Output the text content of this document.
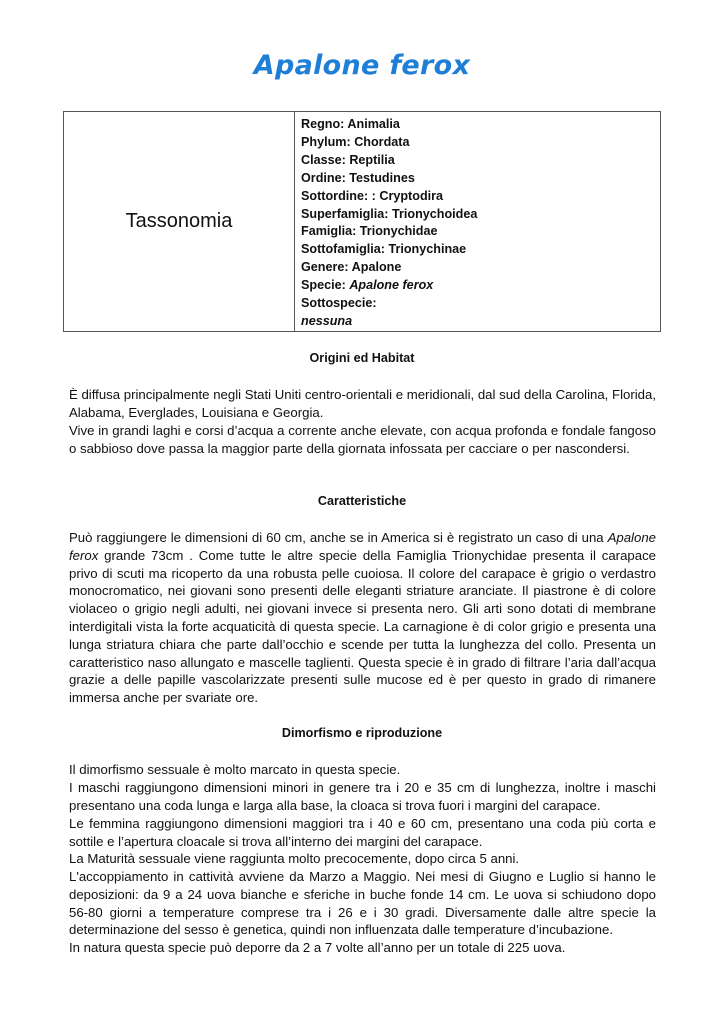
Apalone ferox
Tassonomia
Regno: Animalia
Phylum: Chordata
Classe: Reptilia
Ordine: Testudines
Sottordine: : Cryptodira
Superfamiglia: Trionychoidea
Famiglia: Trionychidae
Sottofamiglia: Trionychinae
Genere: Apalone
Specie: Apalone ferox
Sottospecie:
nessuna
Origini ed Habitat

È diffusa principalmente negli Stati Uniti centro-orientali e meridionali, dal sud della Carolina, Florida, Alabama, Everglades, Louisiana e Georgia.

Vive in grandi laghi e corsi d’acqua a corrente anche elevate, con acqua profonda e fondale fangoso o sabbioso dove passa la maggior parte della giornata infossata per cacciare o per nascondersi.

Caratteristiche

Può raggiungere le dimensioni di 60 cm, anche se in America si è registrato un caso di una Apalone ferox grande 73cm . Come tutte le altre specie della Famiglia Trionychidae presenta il carapace privo di scuti ma ricoperto da una robusta pelle cuoiosa. Il colore del carapace è grigio o verdastro monocromatico, nei giovani sono presenti delle eleganti striature aranciate. Il piastrone è di colore violaceo o grigio negli adulti, nei giovani invece si presenta nero. Gli arti sono dotati di membrane interdigitali vista la forte acquaticità di questa specie. La carnagione è di color grigio e presenta una lunga striatura chiara che parte dall’occhio e scende per tutta la lunghezza del collo. Presenta un caratteristico naso allungato e mascelle taglienti. Questa specie è in grado di filtrare l’aria dall’acqua grazie a delle papille vascolarizzate presenti sulle mucose ed è per questo in grado di rimanere immersa anche per svariate ore.

Dimorfismo e riproduzione

Il dimorfismo sessuale è molto marcato in questa specie.

I maschi raggiungono dimensioni minori in genere tra i 20 e 35 cm di lunghezza, inoltre i maschi presentano una coda lunga e larga alla base, la cloaca si trova fuori i margini del carapace.

Le femmina raggiungono dimensioni maggiori tra i 40 e 60 cm, presentano una coda più corta e sottile e l’apertura cloacale si trova all’interno dei margini del carapace.

La Maturità sessuale viene raggiunta molto precocemente, dopo circa 5 anni.

L'accoppiamento in cattività avviene da Marzo a Maggio. Nei mesi di Giugno e Luglio si hanno le deposizioni: da 9 a 24 uova bianche e sferiche in buche fonde 14 cm. Le uova si schiudono dopo 56-80 giorni a temperature comprese tra i 26 e i 30 gradi. Diversamente dalle altre specie la determinazione del sesso è genetica, quindi non influenzata dalle temperature d’incubazione.

In natura questa specie può deporre da 2 a 7 volte all’anno per un totale di 225 uova.
